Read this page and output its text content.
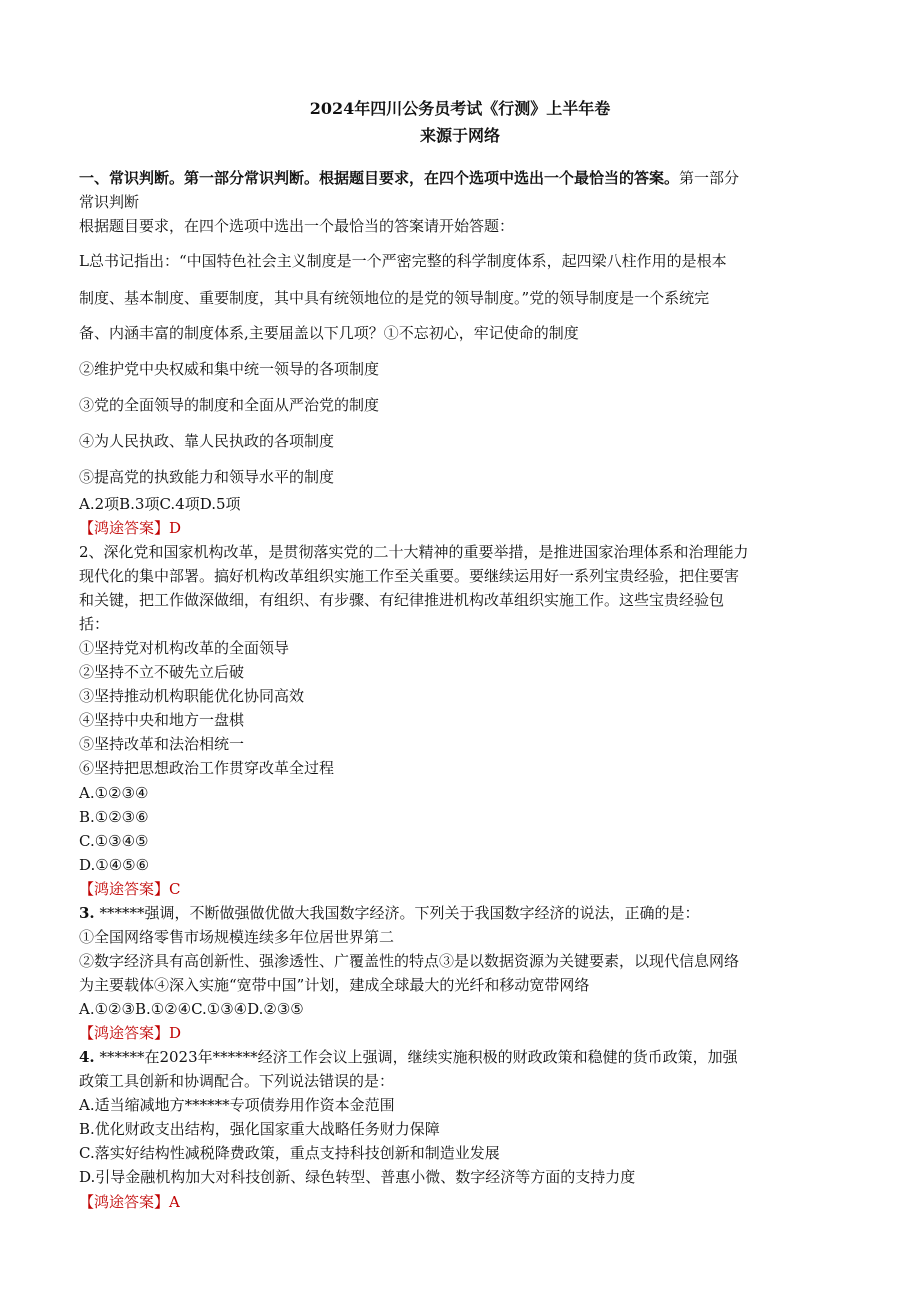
2024年四川公务员考试《行测》上半年卷
来源于网络
一、常识判断。第一部分常识判断。根据题目要求，在四个选项中选出一个最恰当的答案。第一部分
常识判断
根据题目要求，在四个选项中选出一个最恰当的答案请开始答题：
L总书记指出：“中国特色社会主义制度是一个严密完整的科学制度体系，起四梁八柱作用的是根本
制度、基本制度、重要制度，其中具有统领地位的是党的领导制度。”党的领导制度是一个系统完
备、内涵丰富的制度体系,主要届盖以下几项？①不忘初心，牢记使命的制度
②维护党中央权威和集中统一领导的各项制度
③党的全面领导的制度和全面从严治党的制度
④为人民执政、靠人民执政的各项制度
⑤提高党的执致能力和领导水平的制度
A.2项B.3项C.4项D.5项
【鸿途答案】D
2、深化党和国家机构改革，是贯彻落实党的二十大精神的重要举措，是推进国家治理体系和治理能力
现代化的集中部署。搞好机构改革组织实施工作至关重要。要继续运用好一系列宝贵经验，把住要害
和关键，把工作做深做细，有组织、有步骤、有纪律推进机构改革组织实施工作。这些宝贵经验包
括：
①坚持党对机构改革的全面领导
②坚持不立不破先立后破
③坚持推动机构职能优化协同高效
④坚持中央和地方一盘棋
⑤坚持改革和法治相统一
⑥坚持把思想政治工作贯穿改革全过程
A.①②③④
B.①②③⑥
C.①③④⑤
D.①④⑤⑥
【鸿途答案】C
3. ******强调，不断做强做优做大我国数字经济。下列关于我国数字经济的说法，正确的是：
①全国网络零售市场规模连续多年位居世界第二
②数字经济具有高创新性、强渗透性、广覆盖性的特点③是以数据资源为关键要素，以现代信息网络
为主要载体④深入实施“宽带中国”计划，建成全球最大的光纤和移动宽带网络
A.①②③B.①②④C.①③④D.②③⑤
【鸿途答案】D
4. ******在2023年******经济工作会议上强调，继续实施积极的财政政策和稳健的货币政策，加强
政策工具创新和协调配合。下列说法错误的是：
A.适当缩减地方******专项债券用作资本金范围
B.优化财政支出结构，强化国家重大战略任务财力保障
C.落实好结构性减税降费政策，重点支持科技创新和制造业发展
D.引导金融机构加大对科技创新、绿色转型、普惠小微、数字经济等方面的支持力度
【鸿途答案】A
